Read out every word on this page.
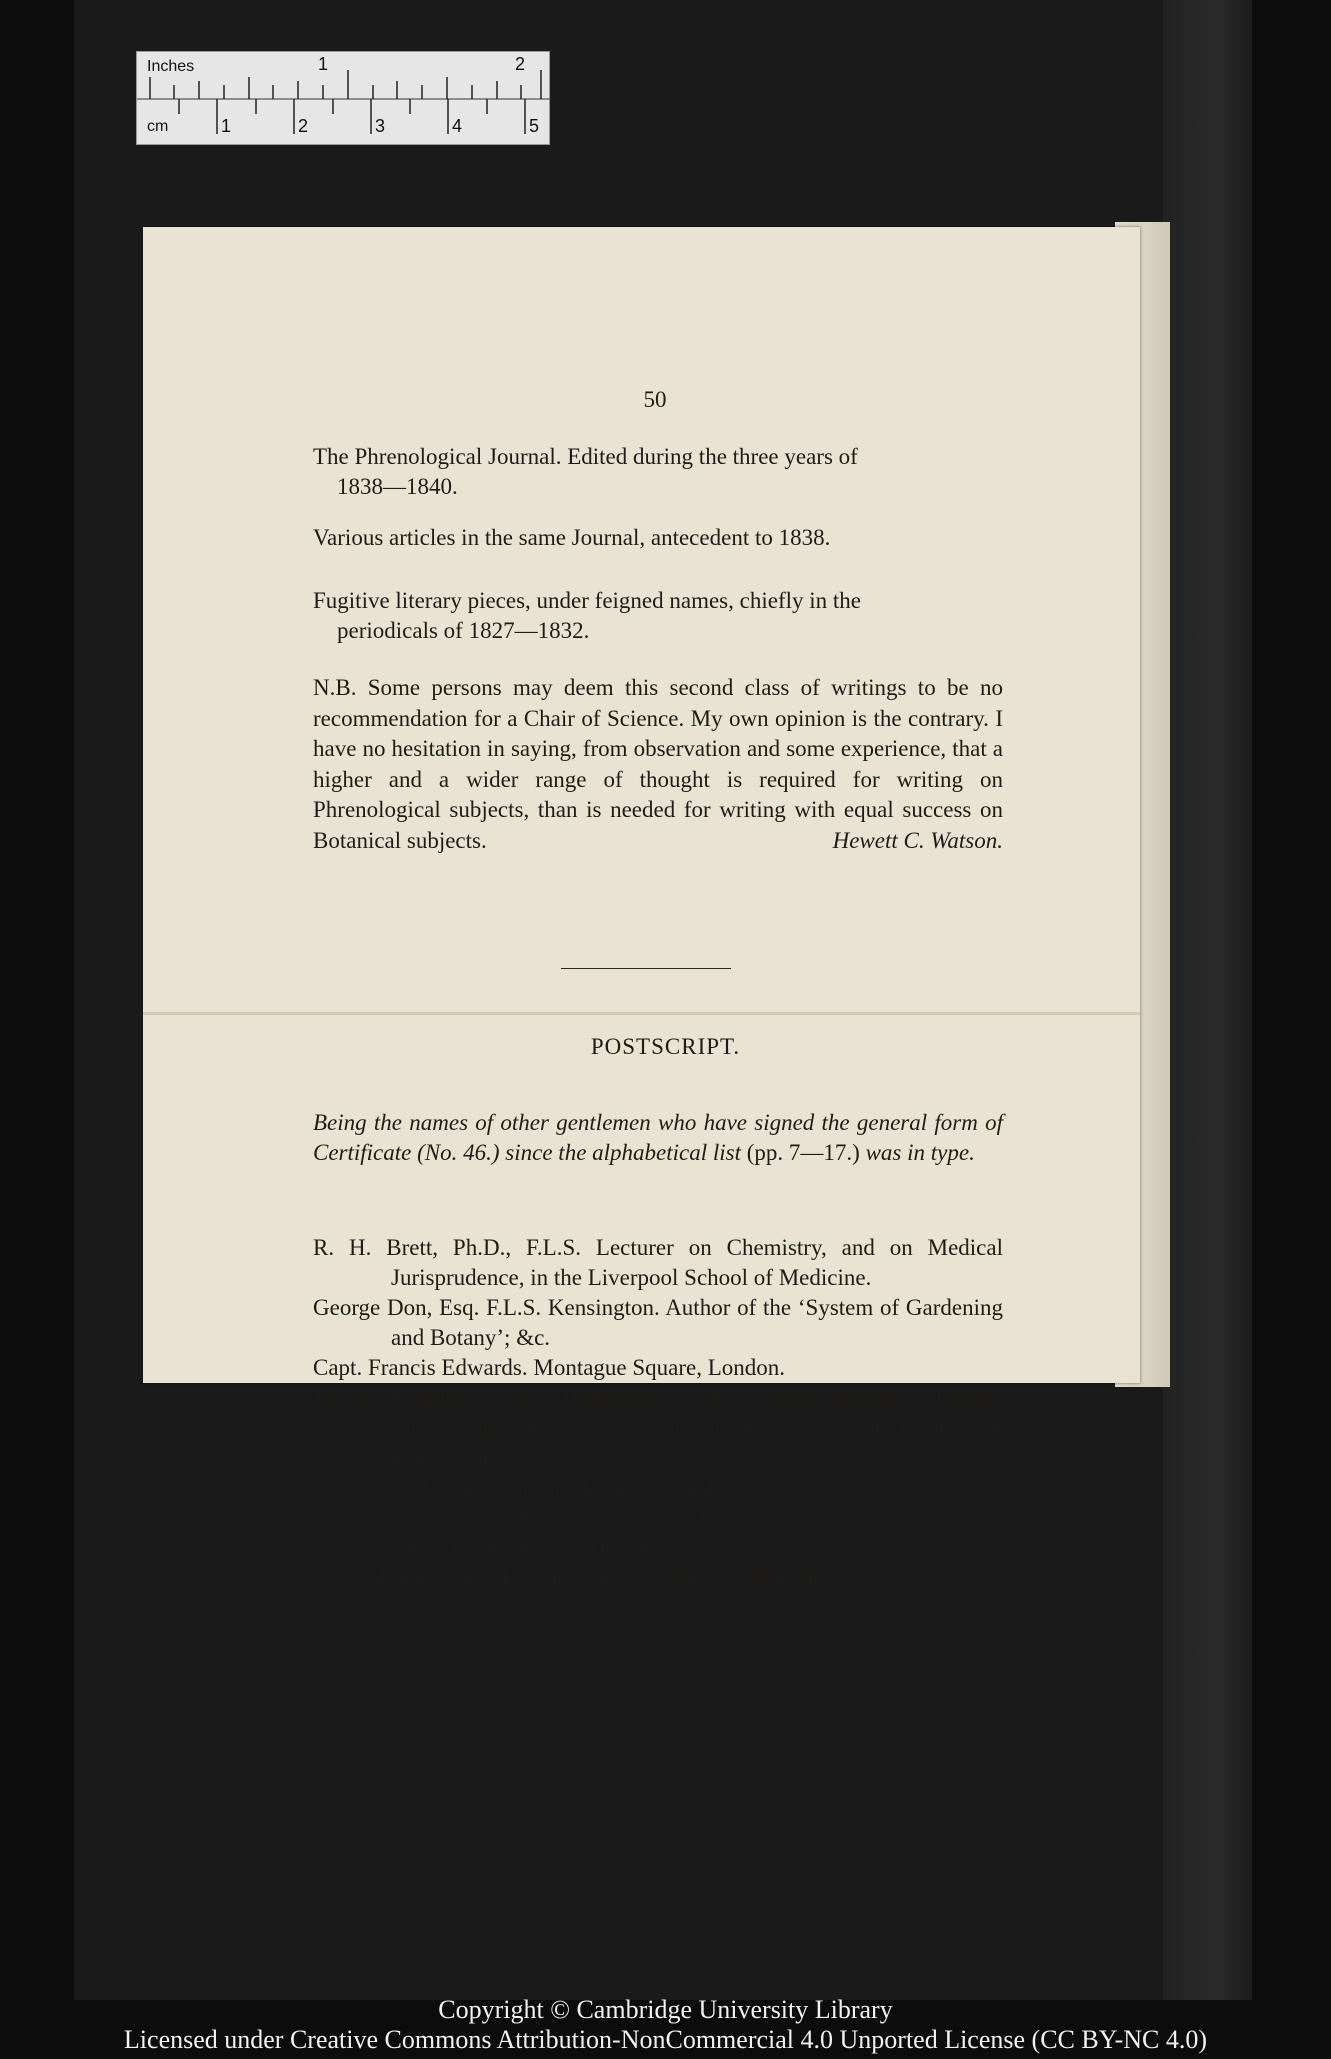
Inches	1	2
cm	1	2	3	4	5
50
The Phrenological Journal. Edited during the three years of
1838—1840.
Various articles in the same Journal, antecedent to 1838.
Fugitive literary pieces, under feigned names, chiefly in the
periodicals of 1827—1832.
N.B. Some persons may deem this second class of writings to be no recommendation for a Chair of Science. My own opinion is the contrary. I have no hesitation in saying, from observation and some experience, that a higher and a wider range of thought is required for writing on Phrenological subjects, than is needed for writing with equal success on Botanical subjects.	Hewett C. Watson.
POSTSCRIPT.
Being the names of other gentlemen who have signed the general form of Certificate (No. 46.) since the alphabetical list (pp. 7—17.) was in type.
R. H. Brett, Ph.D., F.L.S. Lecturer on Chemistry, and on Medical Jurisprudence, in the Liverpool School of Medicine.
George Don, Esq. F.L.S. Kensington. Author of the ‘System of Gardening and Botany’; &c.
Capt. Francis Edwards. Montague Square, London.
James Farquhar, Esq. Hallgreen Castle, Kincardineshire. Deputy Lieutenant, and a Justice of the Peace, for the County of Kincardine.
D. Greenhill, Esq. Charlton House, Forfarshire.
Arthur Henfrey, Esq. F.L.S. London. Lecturer on Botany at St. George’s, and at the Middlesex Hospitals.
Rev. Edmund Lane, B.A. Rector of St. Mary’s, Manchester.
Copyright © Cambridge University Library
Licensed under Creative Commons Attribution-NonCommercial 4.0 Unported License (CC BY-NC 4.0)
